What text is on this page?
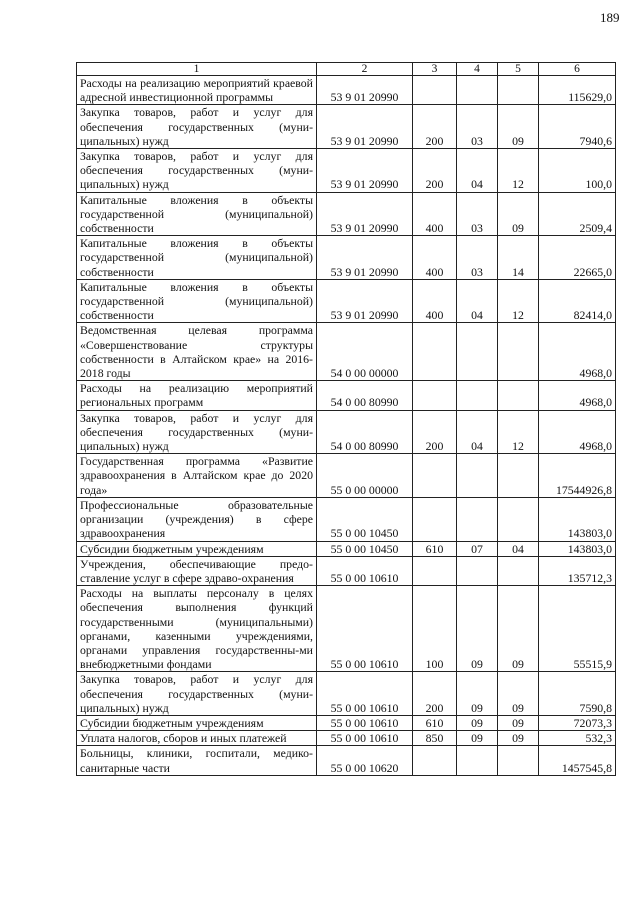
189
1	2	3	4	5	6
Расходы на реализацию мероприятий краевой адресной инвестиционной программы	53 9 01 20990				115629,0
Закупка товаров, работ и услуг для обеспечения государственных (муни-ципальных) нужд	53 9 01 20990	200	03	09	7940,6
Закупка товаров, работ и услуг для обеспечения государственных (муни-ципальных) нужд	53 9 01 20990	200	04	12	100,0
Капитальные вложения в объекты государственной (муниципальной) собственности	53 9 01 20990	400	03	09	2509,4
Капитальные вложения в объекты государственной (муниципальной) собственности	53 9 01 20990	400	03	14	22665,0
Капитальные вложения в объекты государственной (муниципальной) собственности	53 9 01 20990	400	04	12	82414,0
Ведомственная целевая программа «Совершенствование структуры собственности в Алтайском крае» на 2016-2018 годы	54 0 00 00000				4968,0
Расходы на реализацию мероприятий региональных программ	54 0 00 80990				4968,0
Закупка товаров, работ и услуг для обеспечения государственных (муни-ципальных) нужд	54 0 00 80990	200	04	12	4968,0
Государственная программа «Развитие здравоохранения в Алтайском крае до 2020 года»	55 0 00 00000				17544926,8
Профессиональные образовательные организации (учреждения) в сфере здравоохранения	55 0 00 10450				143803,0
Субсидии бюджетным учреждениям	55 0 00 10450	610	07	04	143803,0
Учреждения, обеспечивающие предо-ставление услуг в сфере здраво-охранения	55 0 00 10610				135712,3
Расходы на выплаты персоналу в целях обеспечения выполнения функций государственными (муниципальными) органами, казенными учреждениями, органами управления государственны-ми внебюджетными фондами	55 0 00 10610	100	09	09	55515,9
Закупка товаров, работ и услуг для обеспечения государственных (муни-ципальных) нужд	55 0 00 10610	200	09	09	7590,8
Субсидии бюджетным учреждениям	55 0 00 10610	610	09	09	72073,3
Уплата налогов, сборов и иных платежей	55 0 00 10610	850	09	09	532,3
Больницы, клиники, госпитали, медико-санитарные части	55 0 00 10620				1457545,8
